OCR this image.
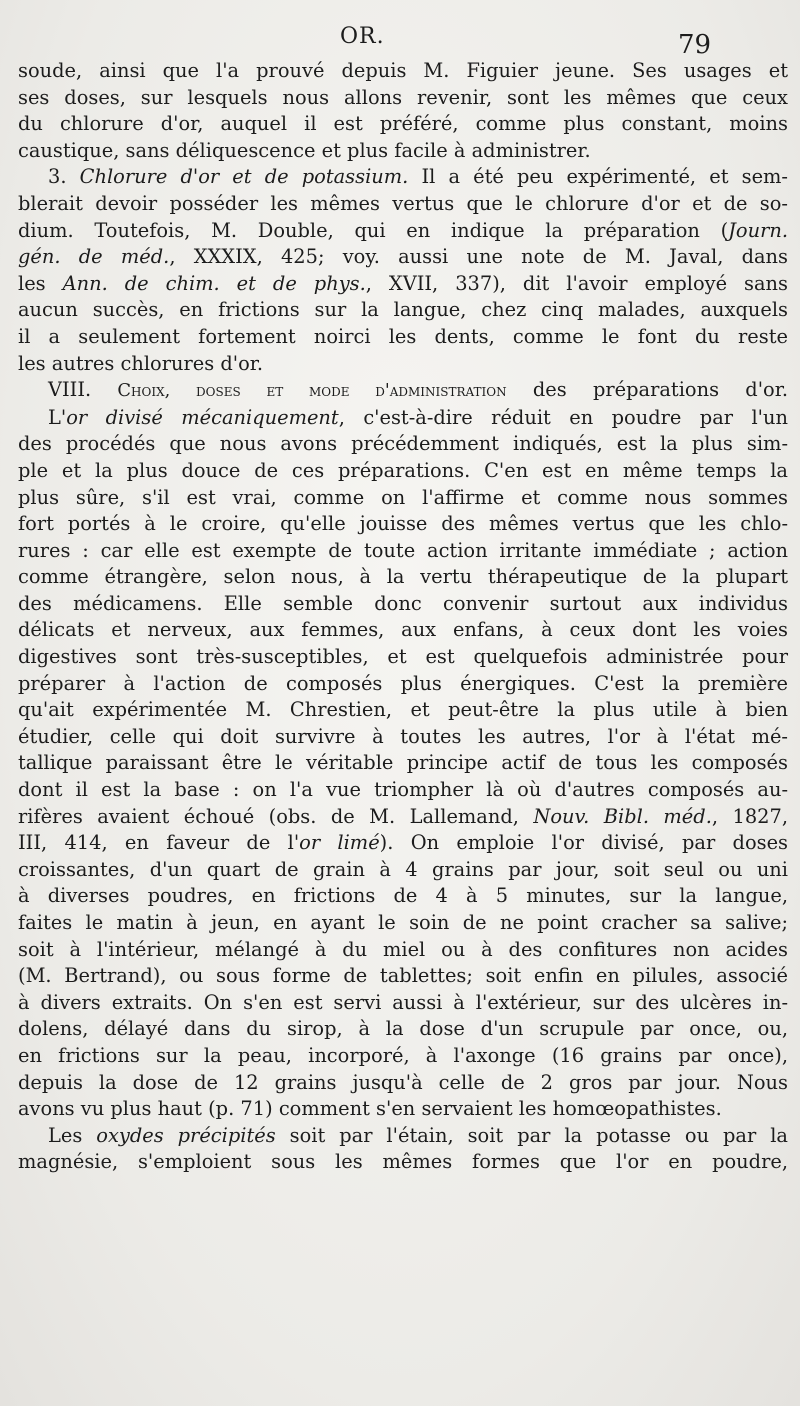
OR.	79
soude, ainsi que l'a prouvé depuis M. Figuier jeune. Ses usages et
ses doses, sur lesquels nous allons revenir, sont les mêmes que ceux
du chlorure d'or, auquel il est préféré, comme plus constant, moins
caustique, sans déliquescence et plus facile à administrer.
3. Chlorure d'or et de potassium. Il a été peu expérimenté, et sem-
blerait devoir posséder les mêmes vertus que le chlorure d'or et de so-
dium. Toutefois, M. Double, qui en indique la préparation (Journ.
gén. de méd., XXXIX, 425; voy. aussi une note de M. Javal, dans
les Ann. de chim. et de phys., XVII, 337), dit l'avoir employé sans
aucun succès, en frictions sur la langue, chez cinq malades, auxquels
il a seulement fortement noirci les dents, comme le font du reste
les autres chlorures d'or.
VIII. Choix, doses et mode d'administration des préparations d'or.
L'or divisé mécaniquement, c'est-à-dire réduit en poudre par l'un
des procédés que nous avons précédemment indiqués, est la plus sim-
ple et la plus douce de ces préparations. C'en est en même temps la
plus sûre, s'il est vrai, comme on l'affirme et comme nous sommes
fort portés à le croire, qu'elle jouisse des mêmes vertus que les chlo-
rures : car elle est exempte de toute action irritante immédiate ; action
comme étrangère, selon nous, à la vertu thérapeutique de la plupart
des médicamens. Elle semble donc convenir surtout aux individus
délicats et nerveux, aux femmes, aux enfans, à ceux dont les voies
digestives sont très-susceptibles, et est quelquefois administrée pour
préparer à l'action de composés plus énergiques. C'est la première
qu'ait expérimentée M. Chrestien, et peut-être la plus utile à bien
étudier, celle qui doit survivre à toutes les autres, l'or à l'état mé-
tallique paraissant être le véritable principe actif de tous les composés
dont il est la base : on l'a vue triompher là où d'autres composés au-
rifères avaient échoué (obs. de M. Lallemand, Nouv. Bibl. méd., 1827,
III, 414, en faveur de l'or limé). On emploie l'or divisé, par doses
croissantes, d'un quart de grain à 4 grains par jour, soit seul ou uni
à diverses poudres, en frictions de 4 à 5 minutes, sur la langue,
faites le matin à jeun, en ayant le soin de ne point cracher sa salive;
soit à l'intérieur, mélangé à du miel ou à des confitures non acides
(M. Bertrand), ou sous forme de tablettes; soit enfin en pilules, associé
à divers extraits. On s'en est servi aussi à l'extérieur, sur des ulcères in-
dolens, délayé dans du sirop, à la dose d'un scrupule par once, ou,
en frictions sur la peau, incorporé, à l'axonge (16 grains par once),
depuis la dose de 12 grains jusqu'à celle de 2 gros par jour. Nous
avons vu plus haut (p. 71) comment s'en servaient les homœopathistes.
Les oxydes précipités soit par l'étain, soit par la potasse ou par la
magnésie, s'emploient sous les mêmes formes que l'or en poudre,
